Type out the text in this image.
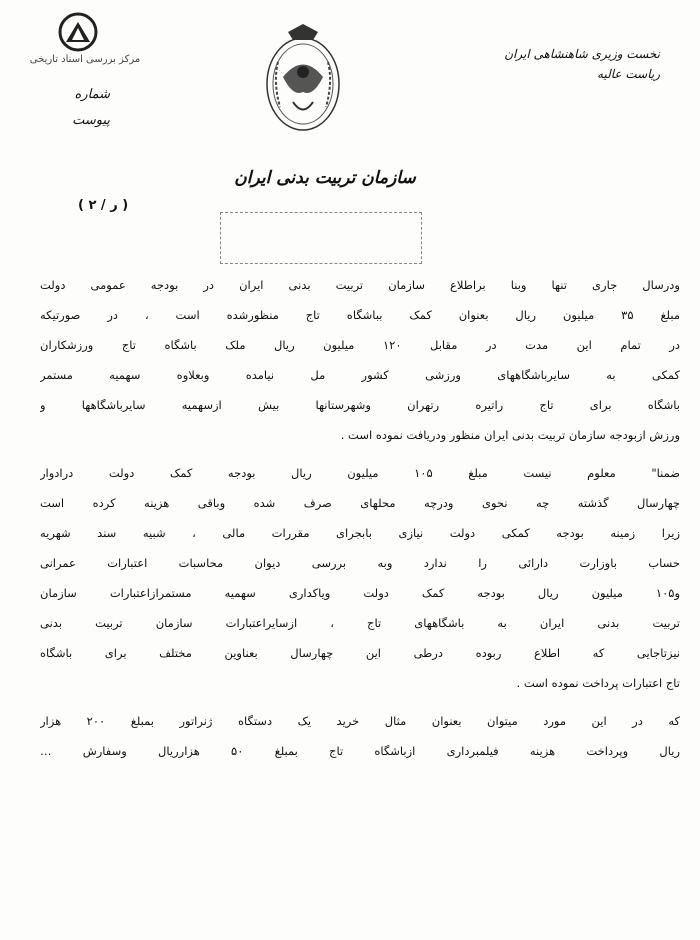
مرکز بررسی اسناد تاریخی
شماره
پیوست
نخست وزیری شاهنشاهی ایران
ریاست عالیه
سازمان تربیت بدنی ایران
( ر / ۲ )
ودرسال جاری تنها وبنا براطلاع سازمان تربیت بدنی ایران در بودجه عمومی دولت
مبلغ ۳۵ میلیون ریال بعنوان کمک بباشگاه تاج منظورشده است ، در صورتیکه
در تمام این مدت در مقابل ۱۲۰ میلیون ریال ملک باشگاه تاج ورزشکاران
کمکی به سایرباشگاههای ورزشی کشور مل نیامده وبعلاوه سهمیه مستمر
باشگاه برای تاج راتیره رتهران وشهرستانها بیش ازسهمیه سایرباشگاهها و
ورزش ازبودجه سازمان تربیت بدنی ایران منظور ودریافت نموده است .
ضمنا" معلوم نیست مبلغ ۱۰۵ میلیون ریال بودجه کمک دولت درادوار
چهارسال گذشته چه نحوی ودرچه محلهای صرف شده وباقی هزینه کرده است
زیرا زمینه بودجه کمکی دولت نیازی بابجرای مقررات مالی ، شبیه سند شهریه
حساب باوزارت دارائی را ندارد وبه بررسی دیوان محاسبات اعتبارات عمرانی
و۱۰۵ میلیون ریال بودجه کمک دولت ویاکداری سهمیه مستمرازاعتبارات سازمان
تربیت بدنی ایران به باشگاههای تاج ، ازسایراعتبارات سازمان تربیت بدنی
نیزتاجایی که اطلاع ربوده درطی این چهارسال بعناوین مختلف برای باشگاه
تاج اعتبارات پرداخت نموده است .
که در این مورد میتوان بعنوان مثال خرید یک دستگاه ژنراتور بمبلغ ۲۰۰ هزار
ریال وپرداخت هزینه فیلمبرداری ازباشگاه تاج بمبلغ ۵۰ هزارریال وسفارش …
